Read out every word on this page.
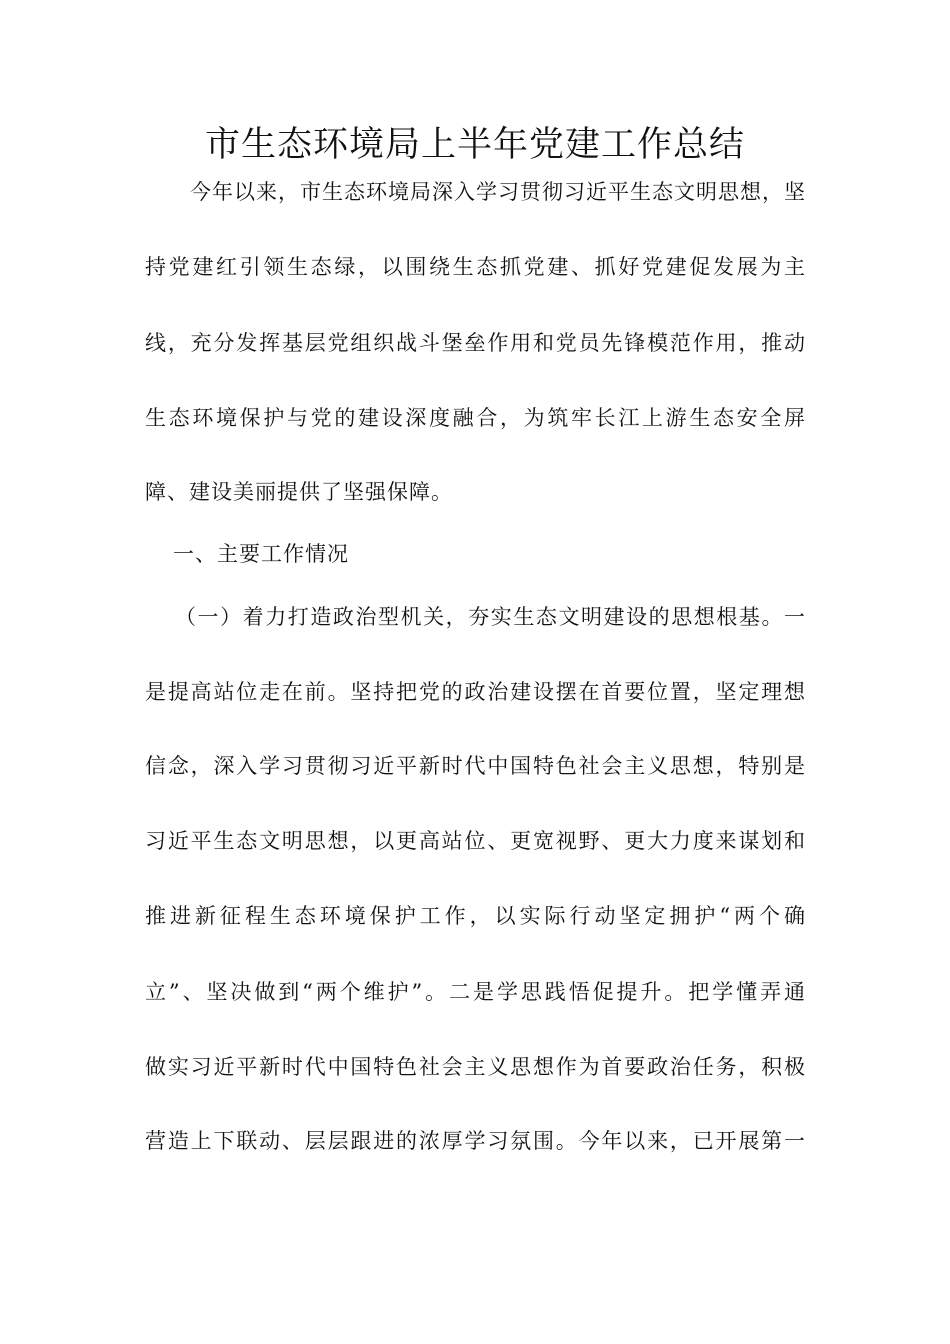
市生态环境局上半年党建工作总结
今年以来，市生态环境局深入学习贯彻习近平生态文明思想，坚
持党建红引领生态绿，以围绕生态抓党建、抓好党建促发展为主
线，充分发挥基层党组织战斗堡垒作用和党员先锋模范作用，推动
生态环境保护与党的建设深度融合，为筑牢长江上游生态安全屏
障、建设美丽提供了坚强保障。
一、主要工作情况
（一）着力打造政治型机关，夯实生态文明建设的思想根基。一
是提高站位走在前。坚持把党的政治建设摆在首要位置，坚定理想
信念，深入学习贯彻习近平新时代中国特色社会主义思想，特别是
习近平生态文明思想，以更高站位、更宽视野、更大力度来谋划和
推进新征程生态环境保护工作，以实际行动坚定拥护“两个确
立”、坚决做到“两个维护”。二是学思践悟促提升。把学懂弄通
做实习近平新时代中国特色社会主义思想作为首要政治任务，积极
营造上下联动、层层跟进的浓厚学习氛围。今年以来，已开展第一
